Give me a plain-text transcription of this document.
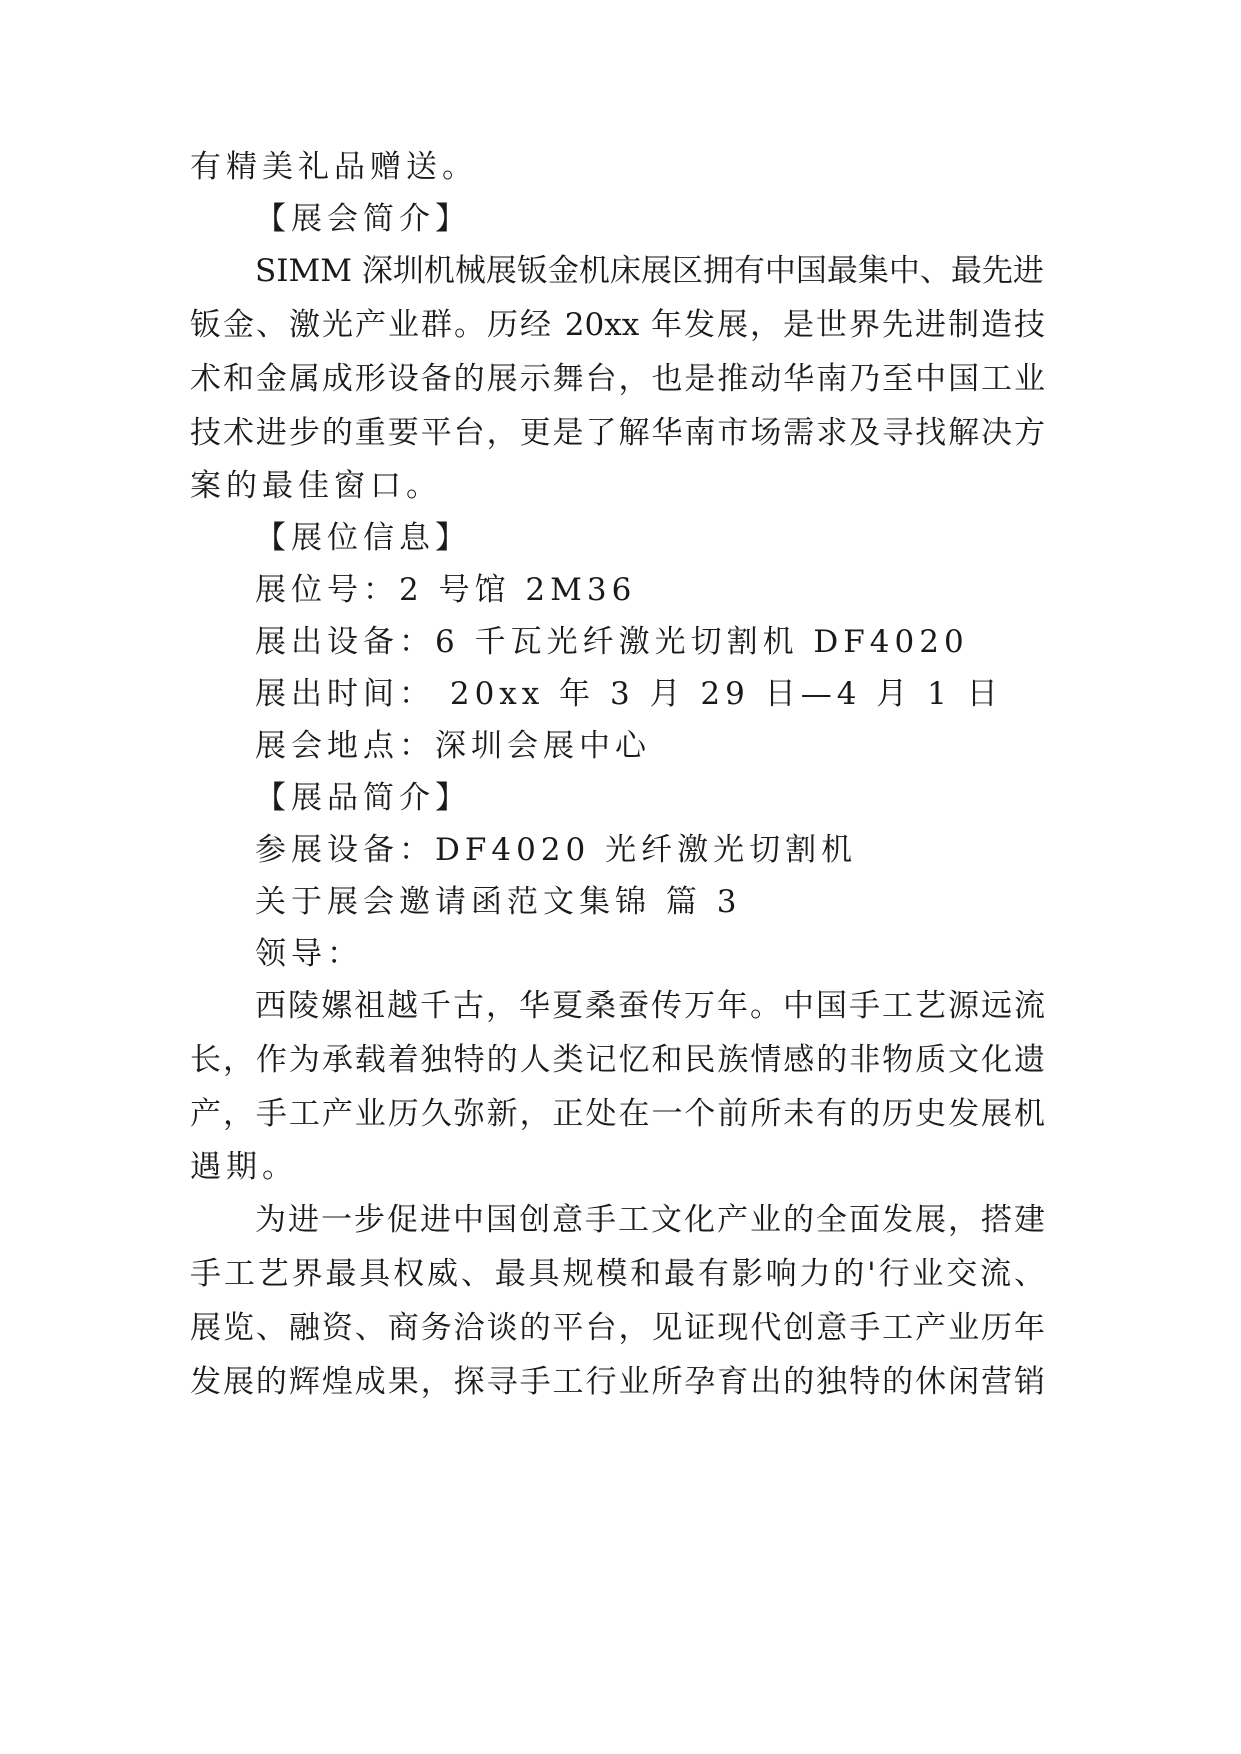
有精美礼品赠送。

【展会简介】

SIMM 深圳机械展钣金机床展区拥有中国最集中、最先进

钣金、激光产业群。历经 20xx 年发展，是世界先进制造技

术和金属成形设备的展示舞台，也是推动华南乃至中国工业

技术进步的重要平台，更是了解华南市场需求及寻找解决方

案的最佳窗口。

【展位信息】

展位号：2 号馆 2M36

展出设备：6 千瓦光纤激光切割机 DF4020

展出时间： 20xx 年 3 月 29 日—4 月 1 日

展会地点：深圳会展中心

【展品简介】

参展设备：DF4020 光纤激光切割机

关于展会邀请函范文集锦 篇 3

领导：

西陵嫘祖越千古，华夏桑蚕传万年。中国手工艺源远流

长，作为承载着独特的人类记忆和民族情感的非物质文化遗

产，手工产业历久弥新，正处在一个前所未有的历史发展机

遇期。

为进一步促进中国创意手工文化产业的全面发展，搭建

手工艺界最具权威、最具规模和最有影响力的'行业交流、

展览、融资、商务洽谈的平台，见证现代创意手工产业历年

发展的辉煌成果，探寻手工行业所孕育出的独特的休闲营销
